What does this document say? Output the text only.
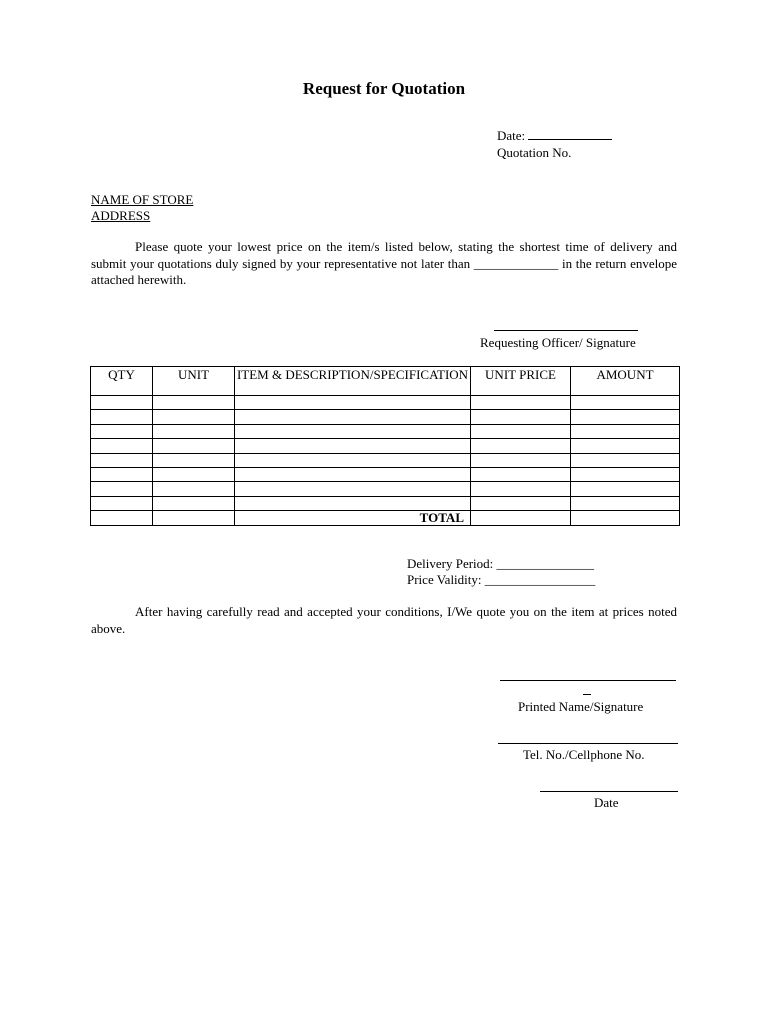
Request for Quotation
Date:
Quotation No.
NAME OF STORE
ADDRESS

Please quote your lowest price on the item/s listed below, stating the shortest time of delivery and submit your quotations duly signed by your representative not later than _____________ in the return envelope attached herewith.

Requesting Officer/ Signature
QTY	UNIT	ITEM & DESCRIPTION/SPECIFICATION	UNIT PRICE	AMOUNT

		TOTAL		
Delivery Period: _______________
Price Validity: _________________

After having carefully read and accepted your conditions, I/We quote you on the item at prices noted above.

Printed Name/Signature
Tel. No./Cellphone No.
Date
